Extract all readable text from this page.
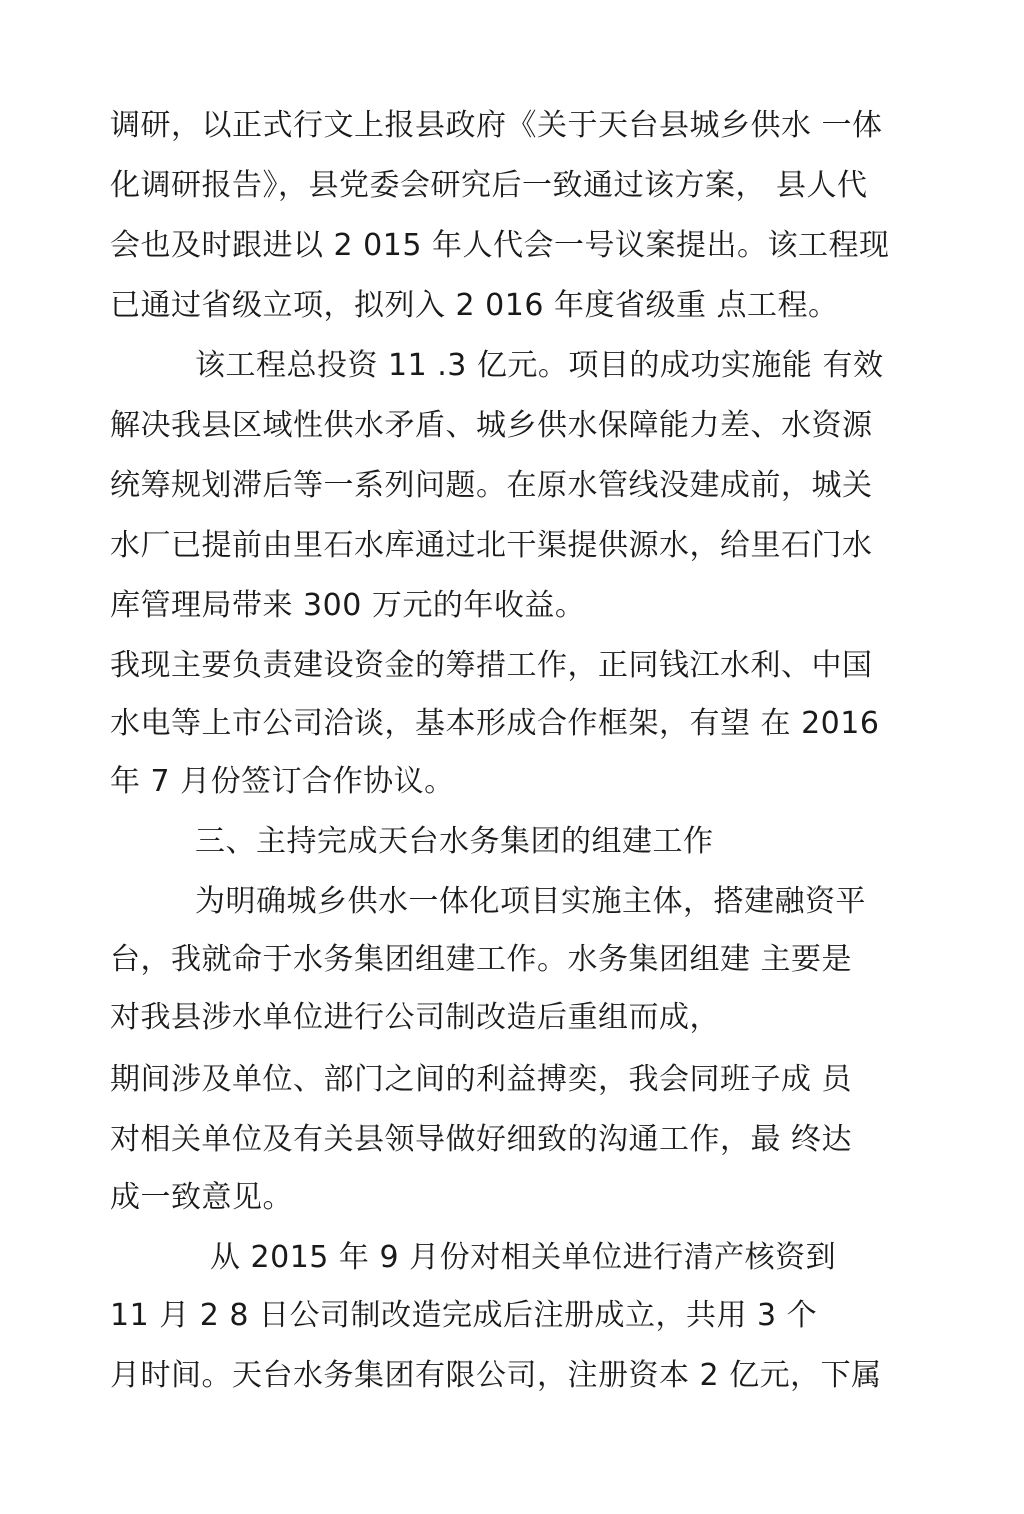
调研，以正式行文上报县政府《关于天台县城乡供水 一体
化调研报告》，县党委会研究后一致通过该方案， 县人代
会也及时跟进以 2 015 年人代会一号议案提出。该工程现
已通过省级立项，拟列入 2 016 年度省级重 点工程。
该工程总投资 11 .3 亿元。项目的成功实施能 有效
解决我县区域性供水矛盾、城乡供水保障能力差、水资源
统筹规划滞后等一系列问题。在原水管线没建成前，城关
水厂已提前由里石水库通过北干渠提供源水，给里石门水
库管理局带来 300 万元的年收益。
我现主要负责建设资金的筹措工作，正同钱江水利、中国
水电等上市公司洽谈，基本形成合作框架，有望 在 2016
年 7 月份签订合作协议。
三、主持完成天台水务集团的组建工作
为明确城乡供水一体化项目实施主体，搭建融资平
台，我就命于水务集团组建工作。水务集团组建 主要是
对我县涉水单位进行公司制改造后重组而成，
期间涉及单位、部门之间的利益搏奕，我会同班子成 员
对相关单位及有关县领导做好细致的沟通工作，最 终达
成一致意见。
从 2015 年 9 月份对相关单位进行清产核资到
11 月 2 8 日公司制改造完成后注册成立，共用 3 个
月时间。天台水务集团有限公司，注册资本 2 亿元，下属
